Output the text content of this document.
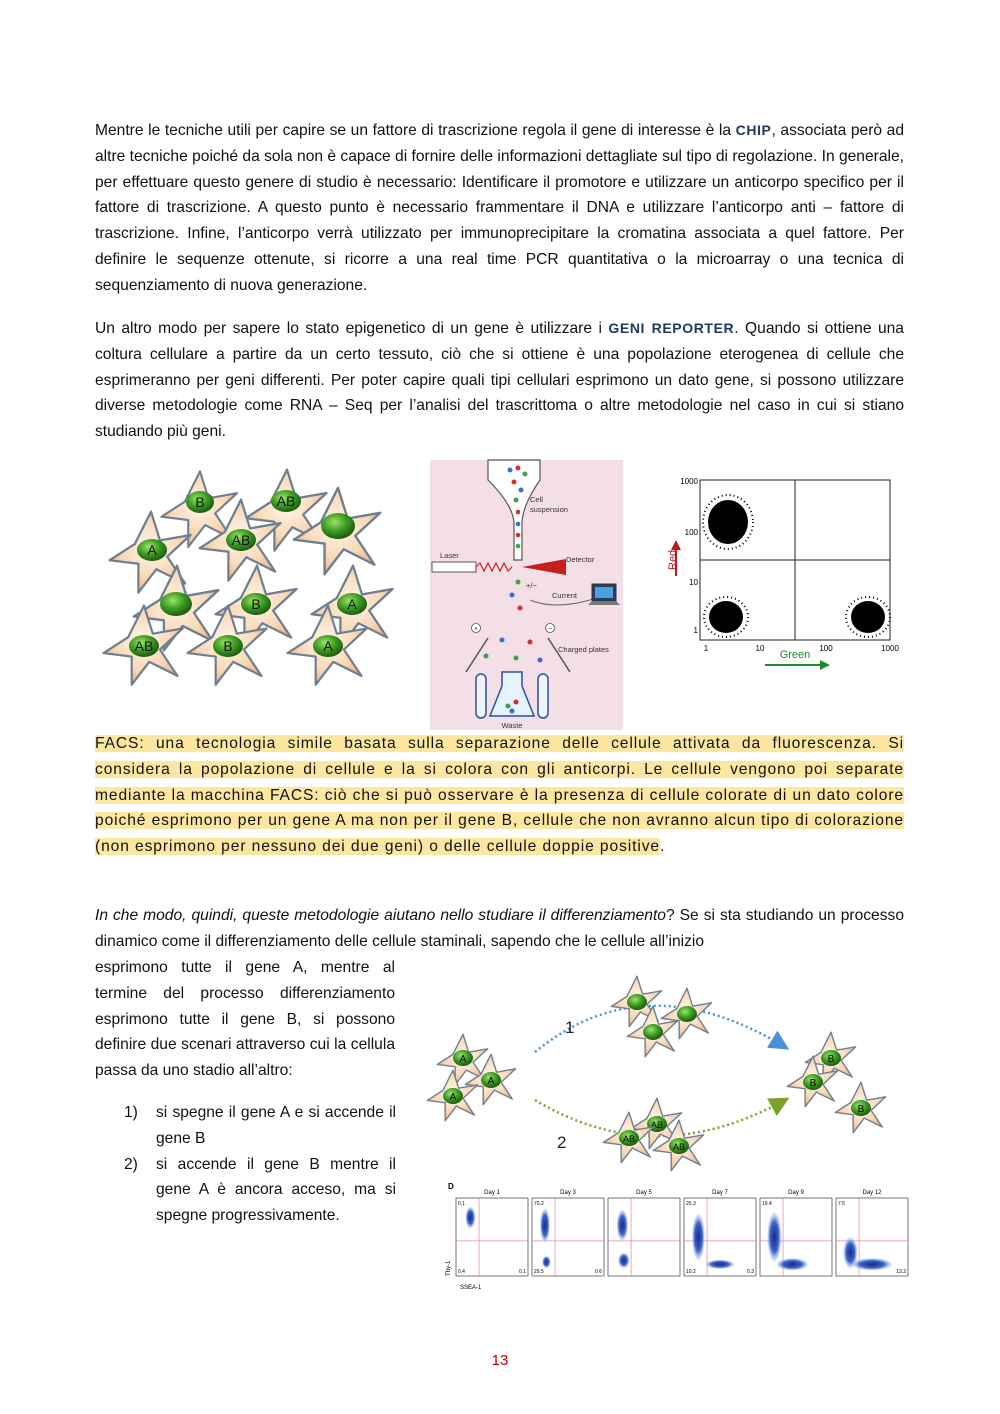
Mentre le tecniche utili per capire se un fattore di trascrizione regola il gene di interesse è la CHIP, associata però ad altre tecniche poiché da sola non è capace di fornire delle informazioni dettagliate sul tipo di regolazione. In generale, per effettuare questo genere di studio è necessario: Identificare il promotore e utilizzare un anticorpo specifico per il fattore di trascrizione. A questo punto è necessario frammentare il DNA e utilizzare l’anticorpo anti – fattore di trascrizione. Infine, l’anticorpo verrà utilizzato per immunoprecipitare la cromatina associata a quel fattore. Per definire le sequenze ottenute, si ricorre a una real time PCR quantitativa o la microarray o una tecnica di sequenziamento di nuova generazione.

Un altro modo per sapere lo stato epigenetico di un gene è utilizzare i GENI REPORTER. Quando si ottiene una coltura cellulare a partire da un certo tessuto, ciò che si ottiene è una popolazione eterogenea di cellule che esprimeranno per geni differenti. Per poter capire quali tipi cellulari esprimono un dato gene, si possono utilizzare diverse metodologie come RNA – Seq per l’analisi del trascrittoma o altre metodologie nel caso in cui si stiano studiando più geni.

B	AB
A
AB
B	A
AB	B	A
Cell
suspension
Laser	Detector
+/−
Current
+	−
Charged plates
Waste
1000
100
10
1
1	10	100	1000
Red
Green

FACS: una tecnologia simile basata sulla separazione delle cellule attivata da fluorescenza. Si considera la popolazione di cellule e la si colora con gli anticorpi. Le cellule vengono poi separate mediante la macchina FACS: ciò che si può osservare è la presenza di cellule colorate di un dato colore poiché esprimono per un gene A ma non per il gene B, cellule che non avranno alcun tipo di colorazione (non esprimono per nessuno dei due geni) o delle cellule doppie positive.

In che modo, quindi, queste metodologie aiutano nello studiare il differenziamento? Se si sta studiando un processo dinamico come il differenziamento delle cellule staminali, sapendo che le cellule all’inizio

esprimono tutte il gene A, mentre al termine del processo differenziamento esprimono tutte il gene B, si possono definire due scenari attraverso cui la cellula passa da uno stadio all’altro:

1) si spegne il gene A e si accende il gene B
2) si accende il gene B mentre il gene A è ancora acceso, ma si spegne progressivamente.
1
2
A
A
A
B
B
B
AB
AB
AB
D
Day 1
0.1
0.4	0.1
Day 3
70.2
29.5	0.6
Day 5	Day 7
20.3
10.2	0.3
Day 9
19.4
Day 12
7.5
13.2
Thy-1
SSEA-1
13
